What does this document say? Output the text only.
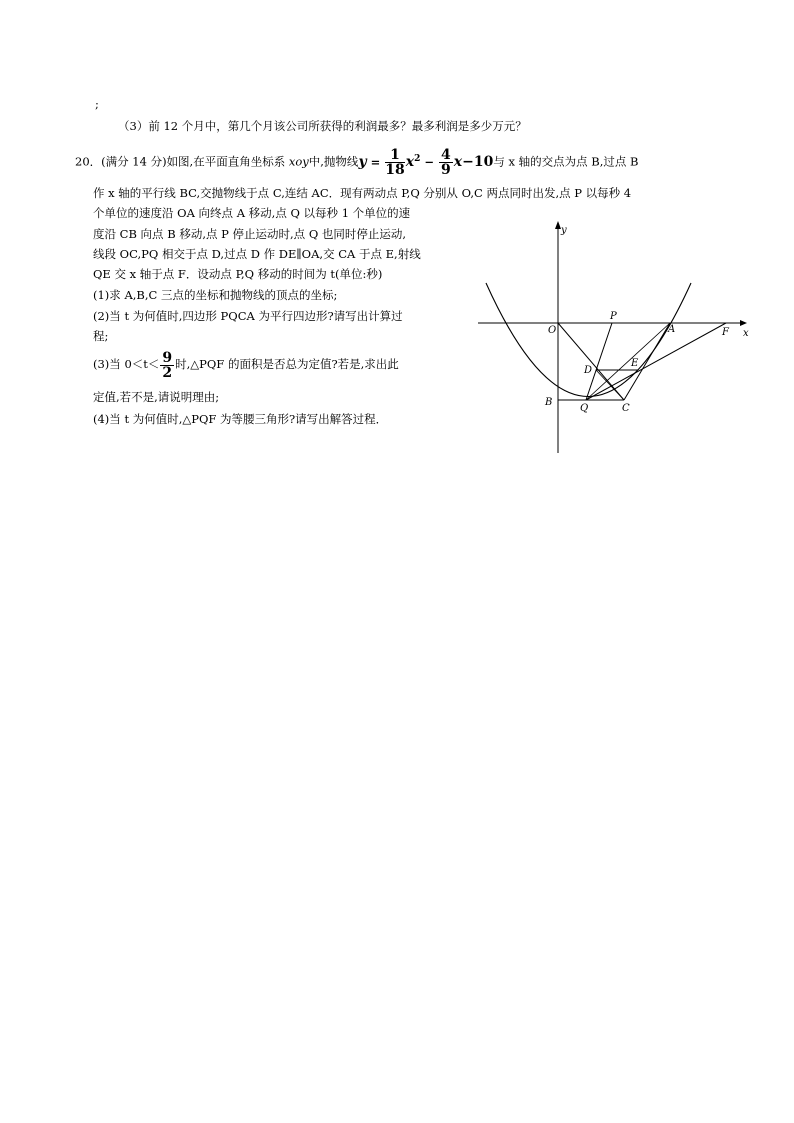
;
（3）前 12 个月中，第几个月该公司所获得的利润最多？最多利润是多少万元？
20．(满分 14 分)如图,在平面直角坐标系 xoy中,抛物线$y = \frac{1}{18} x^2 - \frac{4}{9} x-10$与 x 轴的交点为点 B,过点 B
作 x 轴的平行线 BC,交抛物线于点 C,连结 AC．现有两动点 P,Q 分别从 O,C 两点同时出发,点 P 以每秒 4
个单位的速度沿 OA 向终点 A 移动,点 Q 以每秒 1 个单位的速
度沿 CB 向点 B 移动,点 P 停止运动时,点 Q 也同时停止运动,
线段 OC,PQ 相交于点 D,过点 D 作 DE∥OA,交 CA 于点 E,射线
QE 交 x 轴于点 F．设动点 P,Q 移动的时间为 t(单位:秒)
(1)求 A,B,C 三点的坐标和抛物线的顶点的坐标;
(2)当 t 为何值时,四边形 PQCA 为平行四边形?请写出计算过
程;
(3)当 $0<t< \frac{9}{2}$ 时,△PQF 的面积是否总为定值?若是,求出此
定值,若不是,请说明理由;
(4)当 t 为何值时,△PQF 为等腰三角形?请写出解答过程．
y
x
O
P
A	F
D
E
B
Q	C
